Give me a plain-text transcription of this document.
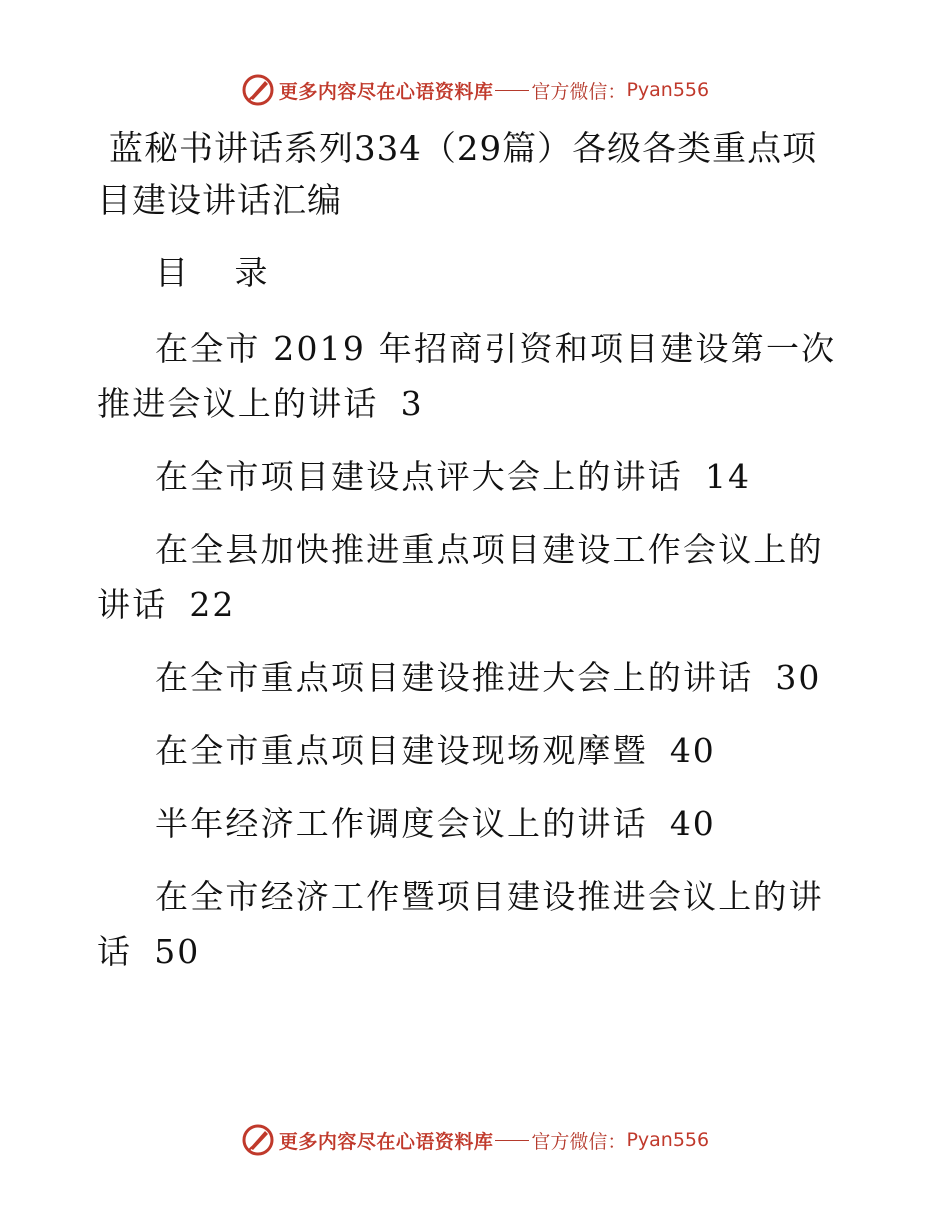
更多内容尽在心语资料库 官方微信： Pyan556
蓝秘书讲话系列334（29篇）各级各类重点项目建设讲话汇编
目 录
在全市 2019 年招商引资和项目建设第一次推进会议上的讲话 3
在全市项目建设点评大会上的讲话 14
在全县加快推进重点项目建设工作会议上的讲话 22
在全市重点项目建设推进大会上的讲话 30
在全市重点项目建设现场观摩暨 40
半年经济工作调度会议上的讲话 40
在全市经济工作暨项目建设推进会议上的讲话 50
更多内容尽在心语资料库 官方微信： Pyan556
